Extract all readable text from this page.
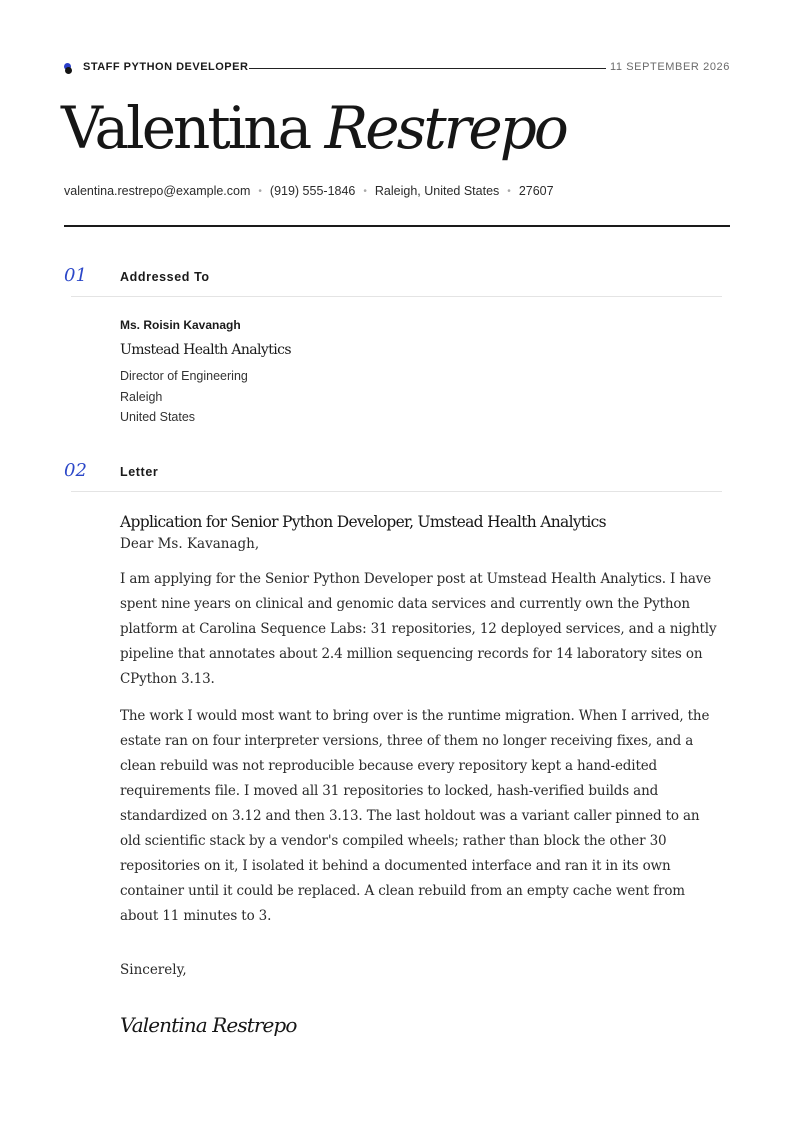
STAFF PYTHON DEVELOPER	11 SEPTEMBER 2026
Valentina Restrepo
valentina.restrepo@example.com • (919) 555-1846 • Raleigh, United States • 27607
01	Addressed To
Ms. Roisin Kavanagh
Umstead Health Analytics
Director of Engineering
Raleigh
United States
02	Letter
Application for Senior Python Developer, Umstead Health Analytics
Dear Ms. Kavanagh,
I am applying for the Senior Python Developer post at Umstead Health Analytics. I have spent nine years on clinical and genomic data services and currently own the Python platform at Carolina Sequence Labs: 31 repositories, 12 deployed services, and a nightly pipeline that annotates about 2.4 million sequencing records for 14 laboratory sites on CPython 3.13.
The work I would most want to bring over is the runtime migration. When I arrived, the estate ran on four interpreter versions, three of them no longer receiving fixes, and a clean rebuild was not reproducible because every repository kept a hand-edited requirements file. I moved all 31 repositories to locked, hash-verified builds and standardized on 3.12 and then 3.13. The last holdout was a variant caller pinned to an old scientific stack by a vendor's compiled wheels; rather than block the other 30 repositories on it, I isolated it behind a documented interface and ran it in its own container until it could be replaced. A clean rebuild from an empty cache went from about 11 minutes to 3.
Sincerely,
Valentina Restrepo
